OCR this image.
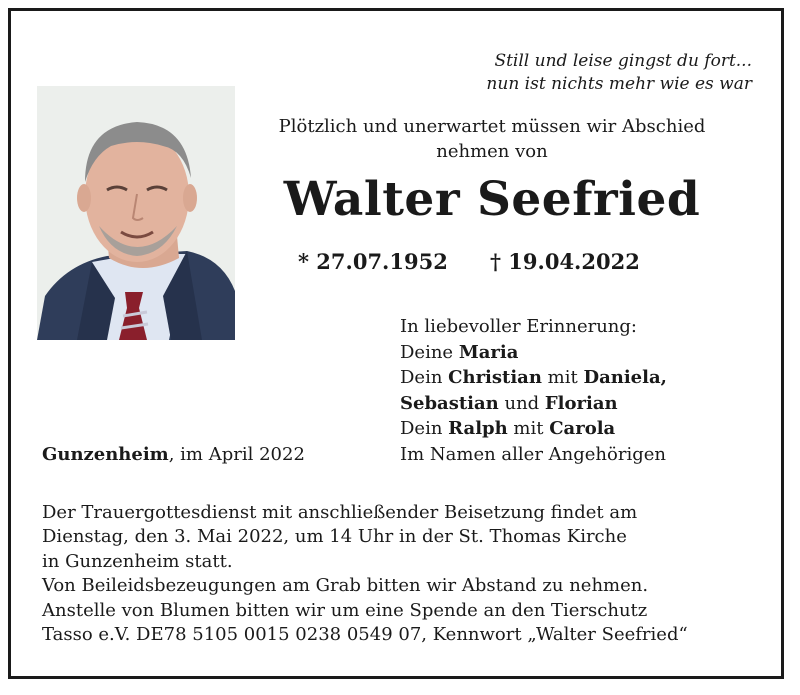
Still und leise gingst du fort...
nun ist nichts mehr wie es war
Plötzlich und unerwartet müssen wir Abschied
nehmen von
Walter Seefried
* 27.07.1952 † 19.04.2022
In liebevoller Erinnerung:
Deine Maria
Dein Christian mit Daniela,
Sebastian und Florian
Dein Ralph mit Carola
Im Namen aller Angehörigen
Gunzenheim, im April 2022
Der Trauergottesdienst mit anschließender Beisetzung findet am
Dienstag, den 3. Mai 2022, um 14 Uhr in der St. Thomas Kirche
in Gunzenheim statt.
Von Beileidsbezeugungen am Grab bitten wir Abstand zu nehmen.
Anstelle von Blumen bitten wir um eine Spende an den Tierschutz
Tasso e.V. DE78 5105 0015 0238 0549 07, Kennwort „Walter Seefried“
